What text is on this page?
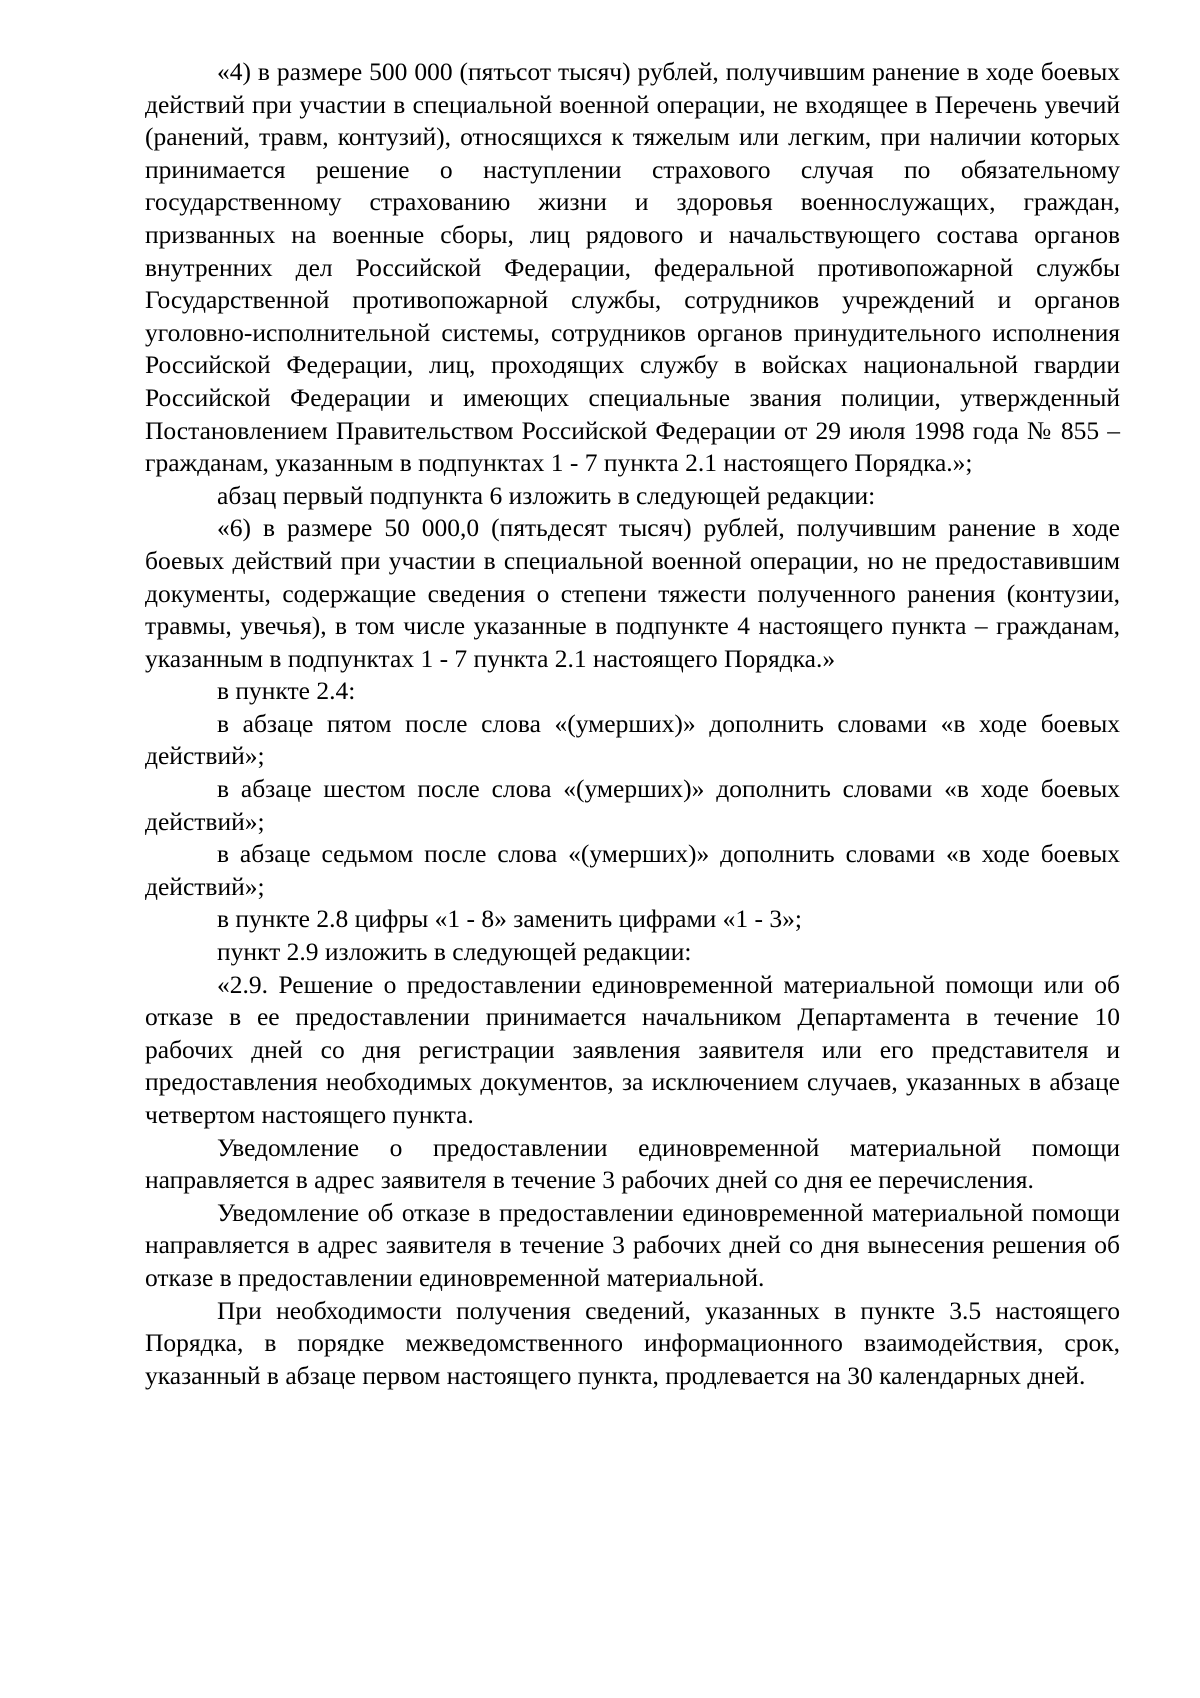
«4) в размере 500 000 (пятьсот тысяч) рублей, получившим ранение в ходе боевых действий при участии в специальной военной операции, не входящее в Перечень увечий (ранений, травм, контузий), относящихся к тяжелым или легким, при наличии которых принимается решение о наступлении страхового случая по обязательному государственному страхованию жизни и здоровья военнослужащих, граждан, призванных на военные сборы, лиц рядового и начальствующего состава органов внутренних дел Российской Федерации, федеральной противопожарной службы Государственной противопожарной службы, сотрудников учреждений и органов уголовно-исполнительной системы, сотрудников органов принудительного исполнения Российской Федерации, лиц, проходящих службу в войсках национальной гвардии Российской Федерации и имеющих специальные звания полиции, утвержденный Постановлением Правительством Российской Федерации от 29 июля 1998 года № 855 – гражданам, указанным в подпунктах 1 - 7 пункта 2.1 настоящего Порядка.»;

абзац первый подпункта 6 изложить в следующей редакции:

«6) в размере 50 000,0 (пятьдесят тысяч) рублей, получившим ранение в ходе боевых действий при участии в специальной военной операции, но не предоставившим документы, содержащие сведения о степени тяжести полученного ранения (контузии, травмы, увечья), в том числе указанные в подпункте 4 настоящего пункта – гражданам, указанным в подпунктах 1 - 7 пункта 2.1 настоящего Порядка.»

в пункте 2.4:

в абзаце пятом после слова «(умерших)» дополнить словами «в ходе боевых действий»;

в абзаце шестом после слова «(умерших)» дополнить словами «в ходе боевых действий»;

в абзаце седьмом после слова «(умерших)» дополнить словами «в ходе боевых действий»;

в пункте 2.8 цифры «1 - 8» заменить цифрами «1 - 3»;

пункт 2.9 изложить в следующей редакции:

«2.9. Решение о предоставлении единовременной материальной помощи или об отказе в ее предоставлении принимается начальником Департамента в течение 10 рабочих дней со дня регистрации заявления заявителя или его представителя и предоставления необходимых документов, за исключением случаев, указанных в абзаце четвертом настоящего пункта.

Уведомление о предоставлении единовременной материальной помощи направляется в адрес заявителя в течение 3 рабочих дней со дня ее перечисления.

Уведомление об отказе в предоставлении единовременной материальной помощи направляется в адрес заявителя в течение 3 рабочих дней со дня вынесения решения об отказе в предоставлении единовременной материальной.

При необходимости получения сведений, указанных в пункте 3.5 настоящего Порядка, в порядке межведомственного информационного взаимодействия, срок, указанный в абзаце первом настоящего пункта, продлевается на 30 календарных дней.
